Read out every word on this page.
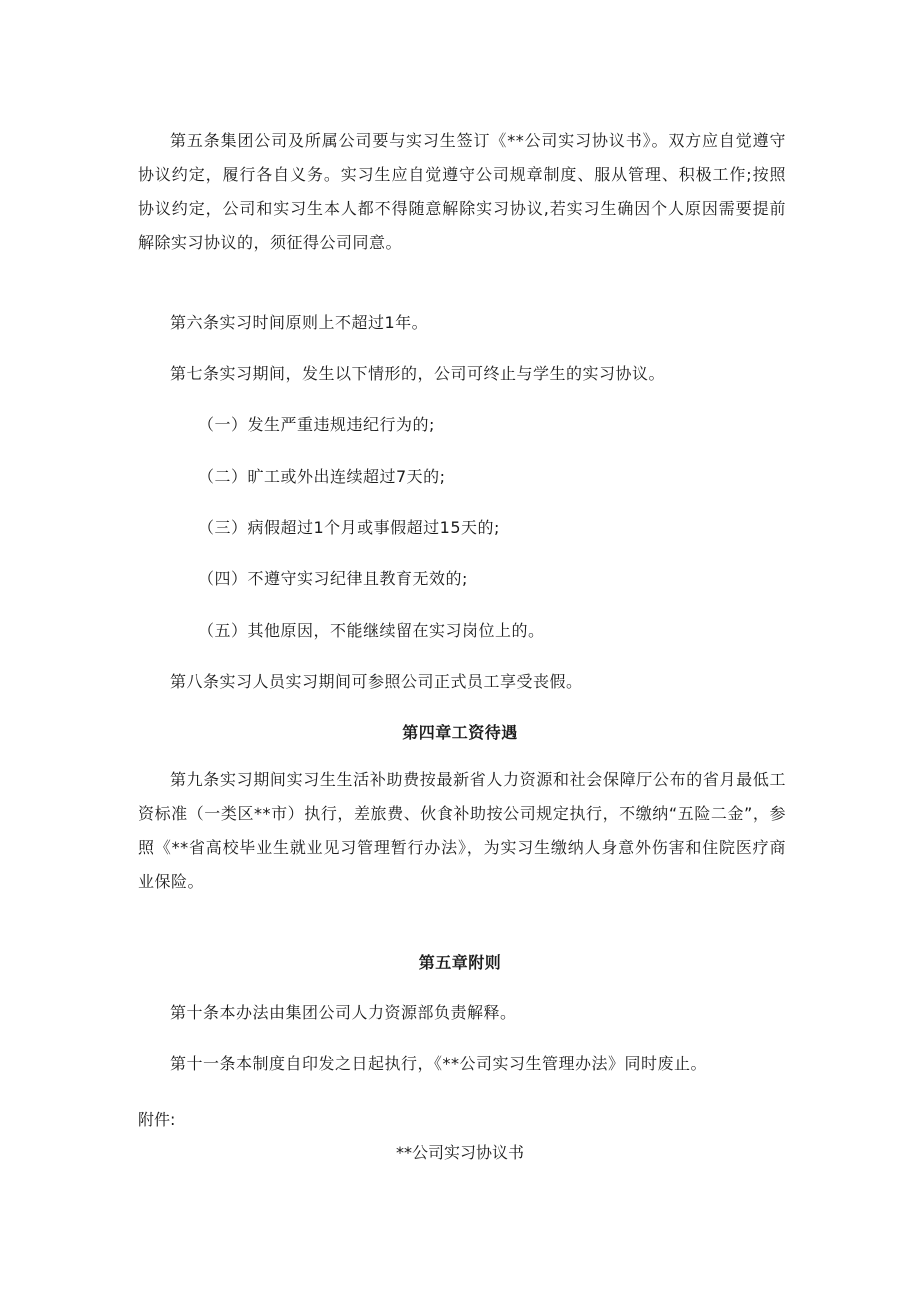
第五条集团公司及所属公司要与实习生签订《**公司实习协议书》。双方应自觉遵守协议约定，履行各自义务。实习生应自觉遵守公司规章制度、服从管理、积极工作;按照协议约定，公司和实习生本人都不得随意解除实习协议,若实习生确因个人原因需要提前解除实习协议的，须征得公司同意。

第六条实习时间原则上不超过1年。

第七条实习期间，发生以下情形的，公司可终止与学生的实习协议。

（一）发生严重违规违纪行为的;

（二）旷工或外出连续超过7天的;

（三）病假超过1个月或事假超过15天的;

（四）不遵守实习纪律且教育无效的;

（五）其他原因，不能继续留在实习岗位上的。

第八条实习人员实习期间可参照公司正式员工享受丧假。

第四章工资待遇

第九条实习期间实习生生活补助费按最新省人力资源和社会保障厅公布的省月最低工资标准（一类区**市）执行，差旅费、伙食补助按公司规定执行，不缴纳“五险二金”，参照《**省高校毕业生就业见习管理暂行办法》，为实习生缴纳人身意外伤害和住院医疗商业保险。

第五章附则

第十条本办法由集团公司人力资源部负责解释。

第十一条本制度自印发之日起执行，《**公司实习生管理办法》同时废止。

附件:

**公司实习协议书
